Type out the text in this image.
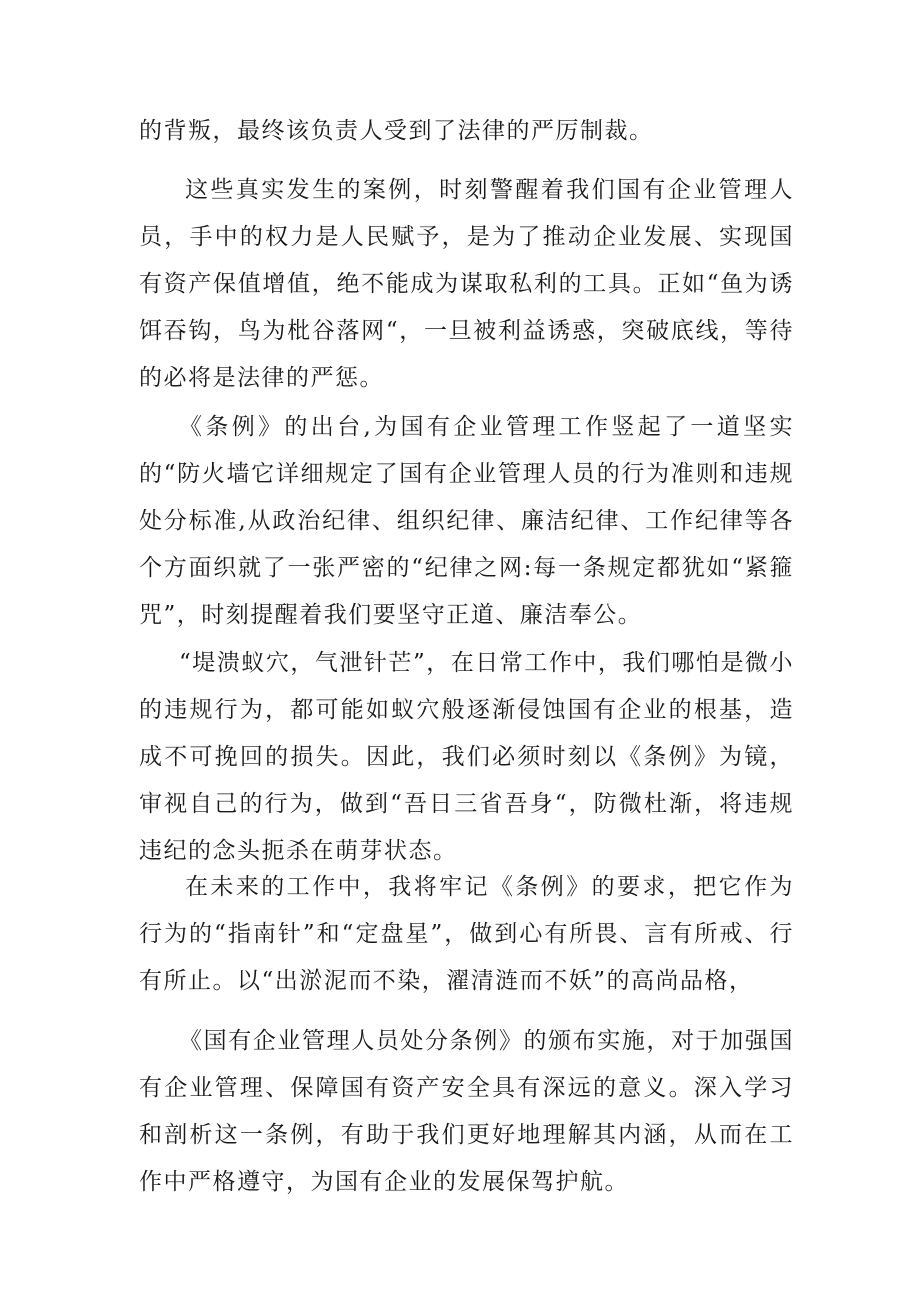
的背叛，最终该负责人受到了法律的严厉制裁。

这些真实发生的案例，时刻警醒着我们国有企业管理人员，手中的权力是人民赋予，是为了推动企业发展、实现国有资产保值增值，绝不能成为谋取私利的工具。正如“鱼为诱饵吞钩，鸟为枇谷落网“，一旦被利益诱惑，突破底线，等待的必将是法律的严惩。

《条例》的出台,为国有企业管理工作竖起了一道坚实的“防火墙它详细规定了国有企业管理人员的行为准则和违规处分标准,从政治纪律、组织纪律、廉洁纪律、工作纪律等各个方面织就了一张严密的“纪律之网:每一条规定都犹如“紧箍咒”，时刻提醒着我们要坚守正道、廉洁奉公。

“堤溃蚁穴，气泄针芒”，在日常工作中，我们哪怕是微小的违规行为，都可能如蚁穴般逐渐侵蚀国有企业的根基，造成不可挽回的损失。因此，我们必须时刻以《条例》为镜，审视自己的行为，做到“吾日三省吾身“，防微杜渐，将违规违纪的念头扼杀在萌芽状态。

在未来的工作中，我将牢记《条例》的要求，把它作为行为的“指南针”和“定盘星”，做到心有所畏、言有所戒、行有所止。以“出淤泥而不染，濯清涟而不妖”的高尚品格，

《国有企业管理人员处分条例》的颁布实施，对于加强国有企业管理、保障国有资产安全具有深远的意义。深入学习和剖析这一条例，有助于我们更好地理解其内涵，从而在工作中严格遵守，为国有企业的发展保驾护航。
